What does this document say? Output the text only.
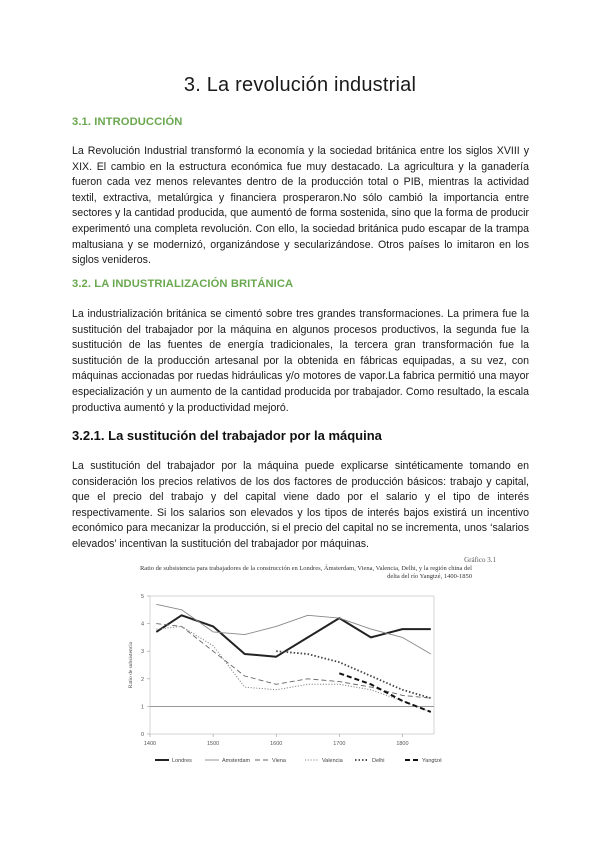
3. La revolución industrial
3.1. INTRODUCCIÓN

La Revolución Industrial transformó la economía y la sociedad británica entre los siglos XVIII y XIX. El cambio en la estructura económica fue muy destacado. La agricultura y la ganadería fueron cada vez menos relevantes dentro de la producción total o PIB, mientras la actividad textil, extractiva, metalúrgica y financiera prosperaron.No sólo cambió la importancia entre sectores y la cantidad producida, que aumentó de forma sostenida, sino que la forma de producir experimentó una completa revolución. Con ello, la sociedad británica pudo escapar de la trampa maltusiana y se modernizó, organizándose y secularizándose. Otros países lo imitaron en los siglos venideros.

3.2. LA INDUSTRIALIZACIÓN BRITÁNICA

La industrialización británica se cimentó sobre tres grandes transformaciones. La primera fue la sustitución del trabajador por la máquina en algunos procesos productivos, la segunda fue la sustitución de las fuentes de energía tradicionales, la tercera gran transformación fue la sustitución de la producción artesanal por la obtenida en fábricas equipadas, a su vez, con máquinas accionadas por ruedas hidráulicas y/o motores de vapor.La fabrica permitió una mayor especialización y un aumento de la cantidad producida por trabajador. Como resultado, la escala productiva aumentó y la productividad mejoró.

3.2.1. La sustitución del trabajador por la máquina

La sustitución del trabajador por la máquina puede explicarse sintéticamente tomando en consideración los precios relativos de los dos factores de producción básicos: trabajo y capital, que el precio del trabajo y del capital viene dado por el salario y el tipo de interés respectivamente. Si los salarios son elevados y los tipos de interés bajos existirá un incentivo económico para mecanizar la producción, si el precio del capital no se incrementa, unos ‘salarios elevados’ incentivan la sustitución del trabajador por máquinas.

Gráfico 3.1

Ratio de subsistencia para trabajadores de la construcción en Londres, Ámsterdam, Viena, Valencia, Delhi, y la región china del delta del río Yangtzé, 1400-1850

0
1
2
3
4
5
1400	1500	1600	1700	1800
Ratio de subsistencia
Londres	Amsterdam	Viena	Valencia	Delhi	Yangtzé
